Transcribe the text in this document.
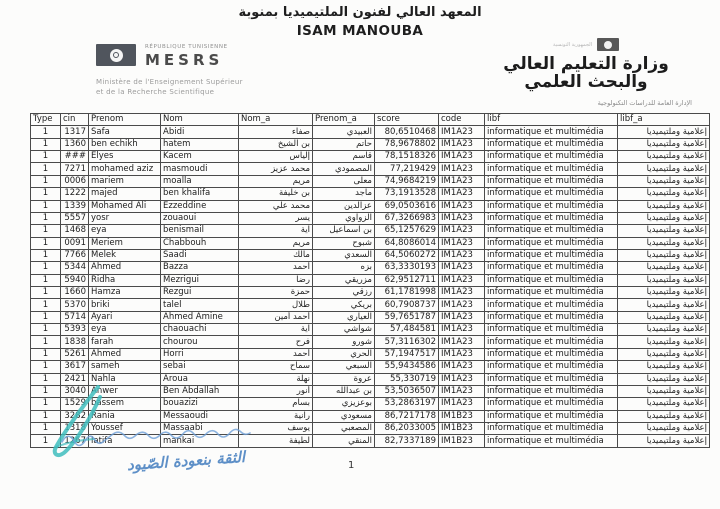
المعهد العالي لفنون الملتيميديا بمنوبة
ISAM MANOUBA
RÉPUBLIQUE TUNISIENNE
MESRS
Ministère de l'Enseignement Supérieur
et de la Recherche Scientifique
الجمهورية التونسية
وزارة التعليم العالي
والبحث العلمي
الإدارة العامة للدراسات التكنولوجية
Type	cin	Prenom	Nom	Nom_a	Prenom_a	score	code	libf	libf_a
1	1317	Safa	Abidi	صفاء	العبيدي	80,6510468	IM1A23	informatique et multimédia	إعلامية وملتيميديا
1	1360	ben echikh	hatem	بن الشيخ	حاتم	78,9678802	IM1A23	informatique et multimédia	إعلامية وملتيميديا
1	###	Elyes	Kacem	إلياس	قاسم	78,1518326	IM1A23	informatique et multimédia	إعلامية وملتيميديا
1	7271	mohamed aziz	masmoudi	محمد عزيز	المصمودي	77,219429	IM1A23	informatique et multimédia	إعلامية وملتيميديا
1	0006	mariem	moalla	مريم	معلى	74,9684219	IM1A23	informatique et multimédia	إعلامية وملتيميديا
1	1222	majed	ben khalifa	بن خليفة	ماجد	73,1913528	IM1A23	informatique et multimédia	إعلامية وملتيميديا
1	1339	Mohamed Ali	Ezzeddine	محمد علي	عزالدين	69,0503616	IM1A23	informatique et multimédia	إعلامية وملتيميديا
1	5557	yosr	zouaoui	يسر	الزواوي	67,3266983	IM1A23	informatique et multimédia	إعلامية وملتيميديا
1	1468	eya	benismail	آية	بن اسماعيل	65,1257629	IM1A23	informatique et multimédia	إعلامية وملتيميديا
1	0091	Meriem	Chabbouh	مريم	شبوح	64,8086014	IM1A23	informatique et multimédia	إعلامية وملتيميديا
1	7766	Melek	Saadi	مالك	السعدي	64,5060272	IM1A23	informatique et multimédia	إعلامية وملتيميديا
1	5344	Ahmed	Bazza	أحمد	بزه	63,3330193	IM1A23	informatique et multimédia	إعلامية وملتيميديا
1	5940	Ridha	Mezrigui	رضا	مزريقي	62,9512711	IM1A23	informatique et multimédia	إعلامية وملتيميديا
1	1660	Hamza	Rezgui	حمزة	رزقي	61,1781998	IM1A23	informatique et multimédia	إعلامية وملتيميديا
1	5370	briki	talel	طلال	بريكي	60,7908737	IM1A23	informatique et multimédia	إعلامية وملتيميديا
1	5714	Ayari	Ahmed Amine	أحمد أمين	العياري	59,7651787	IM1A23	informatique et multimédia	إعلامية وملتيميديا
1	5393	eya	chaouachi	آية	شواشي	57,484581	IM1A23	informatique et multimédia	إعلامية وملتيميديا
1	1838	farah	chourou	فرح	شورو	57,3116302	IM1A23	informatique et multimédia	إعلامية وملتيميديا
1	5261	Ahmed	Horri	أحمد	الحري	57,1947517	IM1A23	informatique et multimédia	إعلامية وملتيميديا
1	3617	sameh	sebai	سماح	السبعي	55,9434586	IM1A23	informatique et multimédia	إعلامية وملتيميديا
1	2421	Nahla	Aroua	نهلة	عروة	55,330719	IM1A23	informatique et multimédia	إعلامية وملتيميديا
1	3040	Anwer	Ben Abdallah	أنور	بن عبدالله	53,5036507	IM1A23	informatique et multimédia	إعلامية وملتيميديا
1	1529	bassem	bouazizi	بسام	بوعزيزي	53,2863197	IM1A23	informatique et multimédia	إعلامية وملتيميديا
1	3282	Rania	Messaoudi	رانية	مسعودي	86,7217178	IM1B23	informatique et multimédia	إعلامية وملتيميديا
1	1318	Youssef	Massaabi	يوسف	المصعبي	86,2033005	IM1B23	informatique et multimédia	إعلامية وملتيميديا
1	1267	latifa	mankai	لطيفة	المنقي	82,7337189	IM1B23	informatique et multimédia	إعلامية وملتيميديا
الثقة بنعودة الصّيود	1
